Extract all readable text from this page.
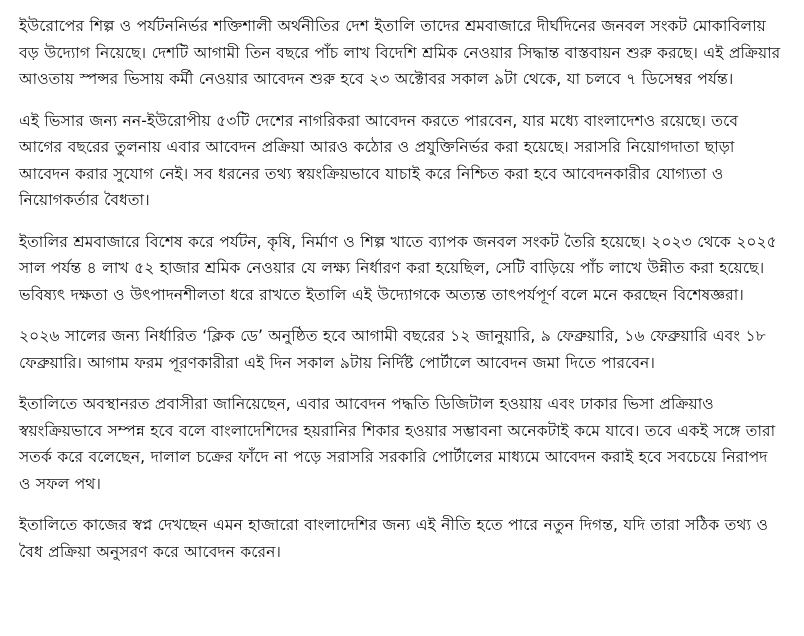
ইউরোপের শিল্প ও পর্যটননির্ভর শক্তিশালী অর্থনীতির দেশ ইতালি তাদের শ্রমবাজারে দীর্ঘদিনের জনবল সংকট মোকাবিলায় বড় উদ্যোগ নিয়েছে। দেশটি আগামী তিন বছরে পাঁচ লাখ বিদেশি শ্রমিক নেওয়ার সিদ্ধান্ত বাস্তবায়ন শুরু করছে। এই প্রক্রিয়ার আওতায় স্পন্সর ভিসায় কর্মী নেওয়ার আবেদন শুরু হবে ২৩ অক্টোবর সকাল ৯টা থেকে, যা চলবে ৭ ডিসেম্বর পর্যন্ত।

এই ভিসার জন্য নন-ইউরোপীয় ৫৩টি দেশের নাগরিকরা আবেদন করতে পারবেন, যার মধ্যে বাংলাদেশও রয়েছে। তবে আগের বছরের তুলনায় এবার আবেদন প্রক্রিয়া আরও কঠোর ও প্রযুক্তিনির্ভর করা হয়েছে। সরাসরি নিয়োগদাতা ছাড়া আবেদন করার সুযোগ নেই। সব ধরনের তথ্য স্বয়ংক্রিয়ভাবে যাচাই করে নিশ্চিত করা হবে আবেদনকারীর যোগ্যতা ও নিয়োগকর্তার বৈধতা।

ইতালির শ্রমবাজারে বিশেষ করে পর্যটন, কৃষি, নির্মাণ ও শিল্প খাতে ব্যাপক জনবল সংকট তৈরি হয়েছে। ২০২৩ থেকে ২০২৫ সাল পর্যন্ত ৪ লাখ ৫২ হাজার শ্রমিক নেওয়ার যে লক্ষ্য নির্ধারণ করা হয়েছিল, সেটি বাড়িয়ে পাঁচ লাখে উন্নীত করা হয়েছে। ভবিষ্যৎ দক্ষতা ও উৎপাদনশীলতা ধরে রাখতে ইতালি এই উদ্যোগকে অত্যন্ত তাৎপর্যপূর্ণ বলে মনে করছেন বিশেষজ্ঞরা।

২০২৬ সালের জন্য নির্ধারিত ‘ক্লিক ডে’ অনুষ্ঠিত হবে আগামী বছরের ১২ জানুয়ারি, ৯ ফেব্রুয়ারি, ১৬ ফেব্রুয়ারি এবং ১৮ ফেব্রুয়ারি। আগাম ফরম পূরণকারীরা এই দিন সকাল ৯টায় নির্দিষ্ট পোর্টালে আবেদন জমা দিতে পারবেন।

ইতালিতে অবস্থানরত প্রবাসীরা জানিয়েছেন, এবার আবেদন পদ্ধতি ডিজিটাল হওয়ায় এবং ঢাকার ভিসা প্রক্রিয়াও স্বয়ংক্রিয়ভাবে সম্পন্ন হবে বলে বাংলাদেশিদের হয়রানির শিকার হওয়ার সম্ভাবনা অনেকটাই কমে যাবে। তবে একই সঙ্গে তারা সতর্ক করে বলেছেন, দালাল চক্রের ফাঁদে না পড়ে সরাসরি সরকারি পোর্টালের মাধ্যমে আবেদন করাই হবে সবচেয়ে নিরাপদ ও সফল পথ।

ইতালিতে কাজের স্বপ্ন দেখছেন এমন হাজারো বাংলাদেশির জন্য এই নীতি হতে পারে নতুন দিগন্ত, যদি তারা সঠিক তথ্য ও বৈধ প্রক্রিয়া অনুসরণ করে আবেদন করেন।
